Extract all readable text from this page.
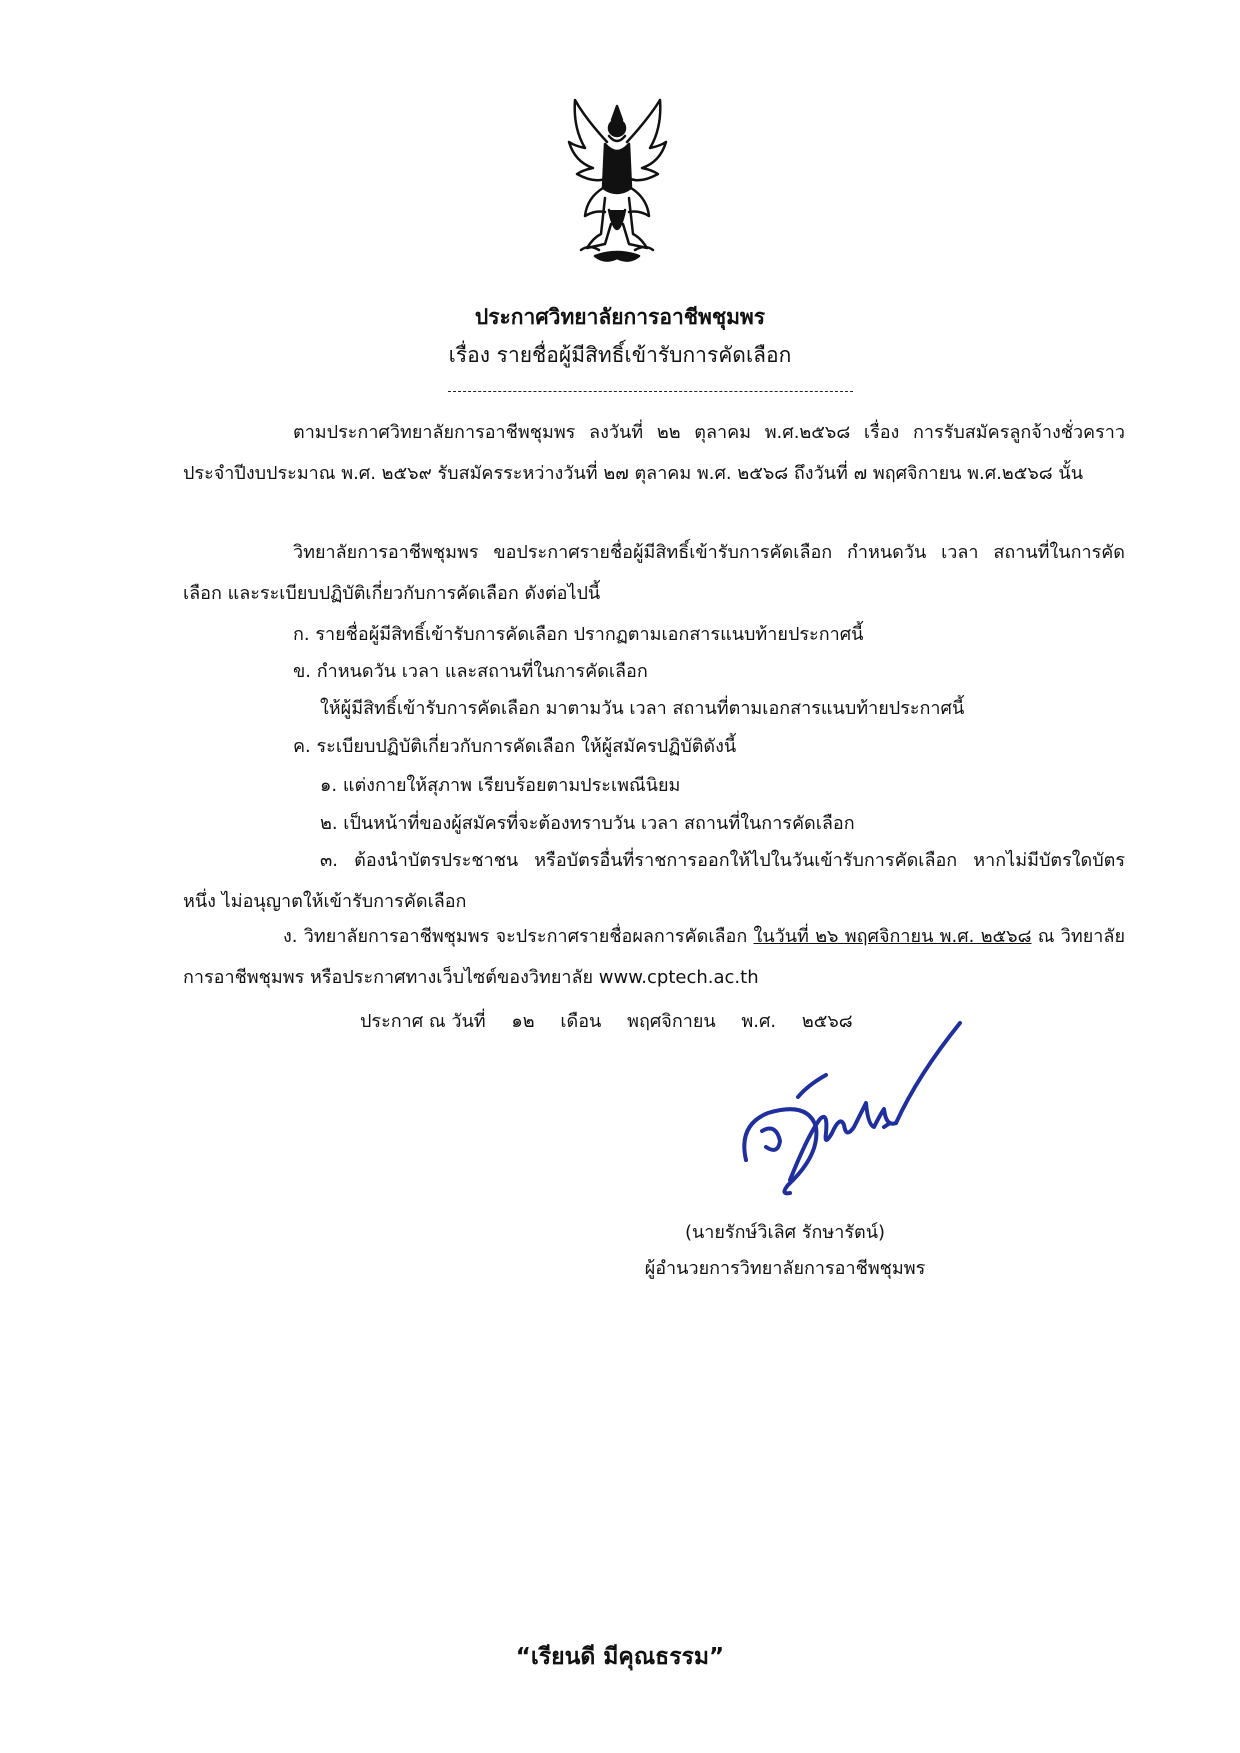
ประกาศวิทยาลัยการอาชีพชุมพร
เรื่อง รายชื่อผู้มีสิทธิ์เข้ารับการคัดเลือก
ตามประกาศวิทยาลัยการอาชีพชุมพร ลงวันที่ ๒๒ ตุลาคม พ.ศ.๒๕๖๘ เรื่อง การรับสมัครลูกจ้างชั่วคราว ประจำปีงบประมาณ พ.ศ. ๒๕๖๙ รับสมัครระหว่างวันที่ ๒๗ ตุลาคม พ.ศ. ๒๕๖๘ ถึงวันที่ ๗ พฤศจิกายน พ.ศ.๒๕๖๘ นั้น
วิทยาลัยการอาชีพชุมพร ขอประกาศรายชื่อผู้มีสิทธิ์เข้ารับการคัดเลือก กำหนดวัน เวลา สถานที่ในการคัดเลือก และระเบียบปฏิบัติเกี่ยวกับการคัดเลือก ดังต่อไปนี้
ก. รายชื่อผู้มีสิทธิ์เข้ารับการคัดเลือก ปรากฏตามเอกสารแนบท้ายประกาศนี้
ข. กำหนดวัน เวลา และสถานที่ในการคัดเลือก
ให้ผู้มีสิทธิ์เข้ารับการคัดเลือก มาตามวัน เวลา สถานที่ตามเอกสารแนบท้ายประกาศนี้
ค. ระเบียบปฏิบัติเกี่ยวกับการคัดเลือก ให้ผู้สมัครปฏิบัติดังนี้
๑. แต่งกายให้สุภาพ เรียบร้อยตามประเพณีนิยม
๒. เป็นหน้าที่ของผู้สมัครที่จะต้องทราบวัน เวลา สถานที่ในการคัดเลือก
๓. ต้องนำบัตรประชาชน หรือบัตรอื่นที่ราชการออกให้ไปในวันเข้ารับการคัดเลือก หากไม่มีบัตรใดบัตรหนึ่ง ไม่อนุญาตให้เข้ารับการคัดเลือก
ง. วิทยาลัยการอาชีพชุมพร จะประกาศรายชื่อผลการคัดเลือก ในวันที่ ๒๖ พฤศจิกายน พ.ศ. ๒๕๖๘ ณ วิทยาลัยการอาชีพชุมพร หรือประกาศทางเว็บไซต์ของวิทยาลัย www.cptech.ac.th
ประกาศ ณ วันที่ ๑๒ เดือน พฤศจิกายน พ.ศ. ๒๕๖๘
(นายรักษ์วิเลิศ รักษารัตน์)
ผู้อำนวยการวิทยาลัยการอาชีพชุมพร
“เรียนดี มีคุณธรรม”
